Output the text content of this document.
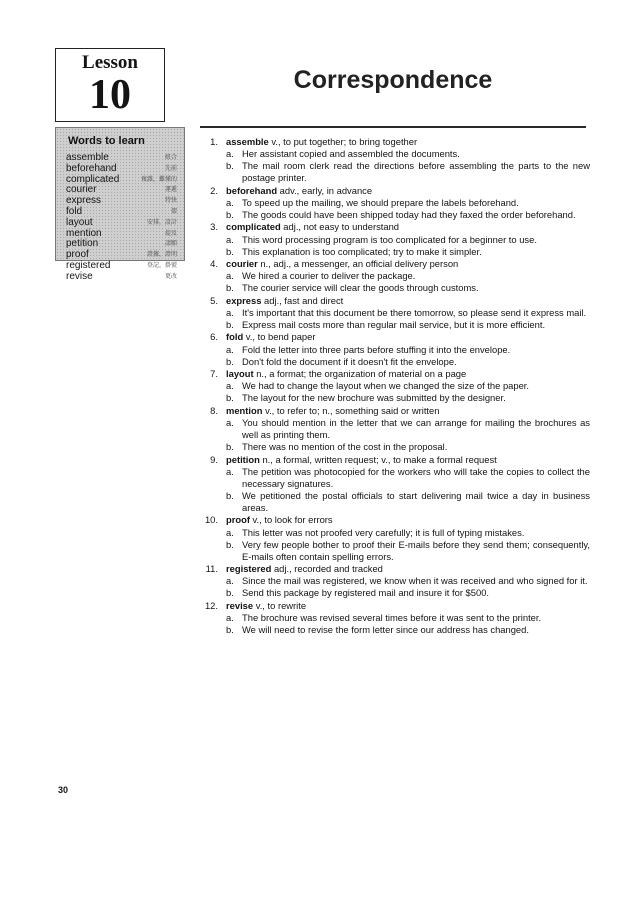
Lesson
10	Correspondence
Words to learn
assemble	組合
beforehand	先前
complicated	複雜，難懂的
courier	運遞
express	特快
fold	摺
layout	安排，設計
mention	提及
petition	請願
proof	證據，證明
registered	登記，掛號
revise	更改
1. assemble v., to put together; to bring together
a. Her assistant copied and assembled the documents.
b. The mail room clerk read the directions before assembling the parts to the new postage printer.
2. beforehand adv., early, in advance
a. To speed up the mailing, we should prepare the labels beforehand.
b. The goods could have been shipped today had they faxed the order beforehand.
3. complicated adj., not easy to understand
a. This word processing program is too complicated for a beginner to use.
b. This explanation is too complicated; try to make it simpler.
4. courier n., adj., a messenger, an official delivery person
a. We hired a courier to deliver the package.
b. The courier service will clear the goods through customs.
5. express adj., fast and direct
a. It's important that this document be there tomorrow, so please send it express mail.
b. Express mail costs more than regular mail service, but it is more efficient.
6. fold v., to bend paper
a. Fold the letter into three parts before stuffing it into the envelope.
b. Don't fold the document if it doesn't fit the envelope.
7. layout n., a format; the organization of material on a page
a. We had to change the layout when we changed the size of the paper.
b. The layout for the new brochure was submitted by the designer.
8. mention v., to refer to; n., something said or written
a. You should mention in the letter that we can arrange for mailing the brochures as well as printing them.
b. There was no mention of the cost in the proposal.
9. petition n., a formal, written request; v., to make a formal request
a. The petition was photocopied for the workers who will take the copies to collect the necessary signatures.
b. We petitioned the postal officials to start delivering mail twice a day in business areas.
10. proof v., to look for errors
a. This letter was not proofed very carefully; it is full of typing mistakes.
b. Very few people bother to proof their E-mails before they send them; consequently, E-mails often contain spelling errors.
11. registered adj., recorded and tracked
a. Since the mail was registered, we know when it was received and who signed for it.
b. Send this package by registered mail and insure it for $500.
12. revise v., to rewrite
a. The brochure was revised several times before it was sent to the printer.
b. We will need to revise the form letter since our address has changed.
30
